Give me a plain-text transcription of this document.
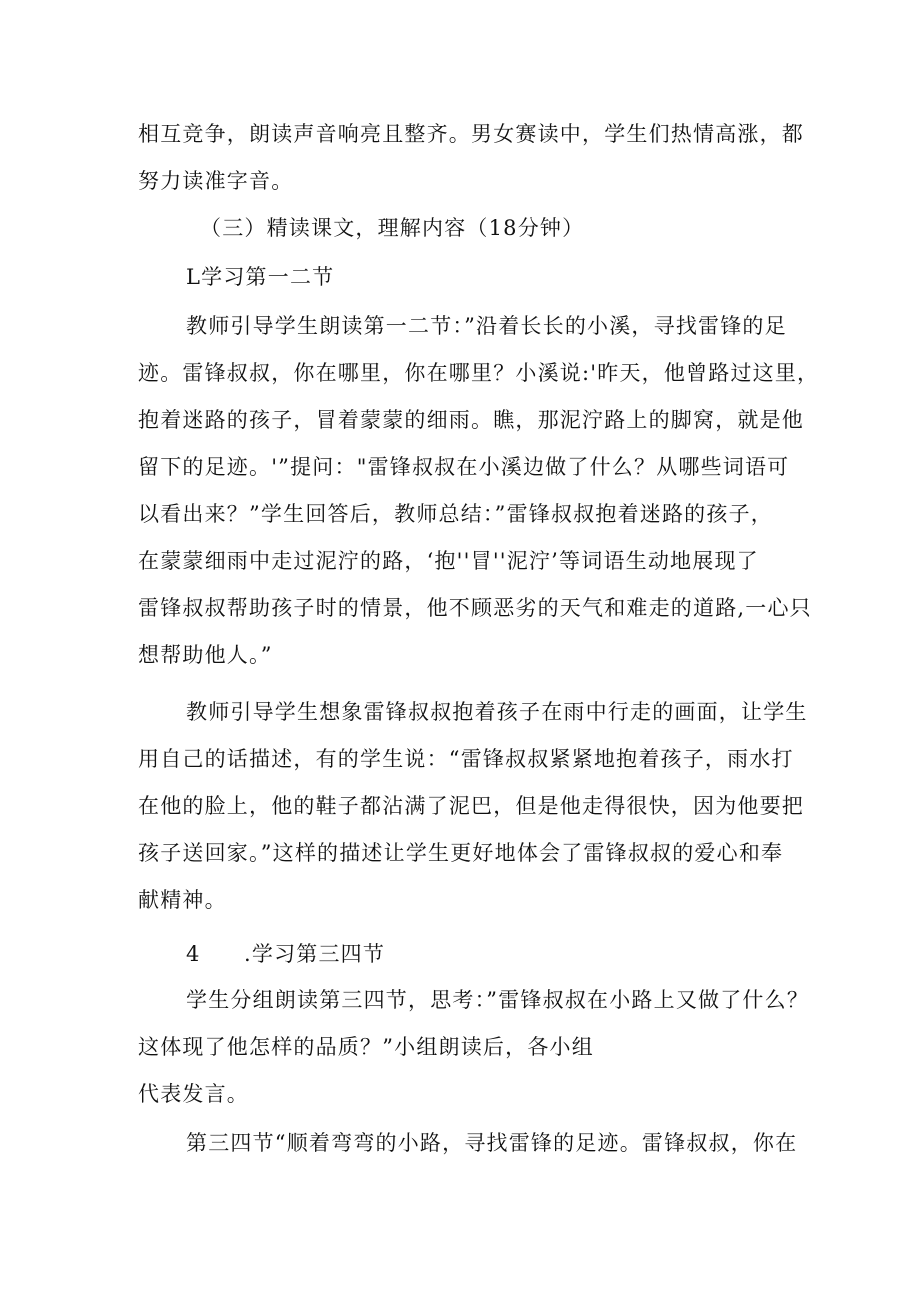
相互竞争，朗读声音响亮且整齐。男女赛读中，学生们热情高涨，都
努力读准字音。
（三）精读课文，理解内容（18分钟）
L学习第一二节
教师引导学生朗读第一二节：”沿着长长的小溪，寻找雷锋的足
迹。雷锋叔叔，你在哪里，你在哪里？小溪说:'昨天，他曾路过这里，
抱着迷路的孩子，冒着蒙蒙的细雨。瞧，那泥泞路上的脚窝，就是他
留下的足迹。'”提问："雷锋叔叔在小溪边做了什么？从哪些词语可
以看出来？”学生回答后，教师总结：”雷锋叔叔抱着迷路的孩子，
在蒙蒙细雨中走过泥泞的路，‘抱''冒''泥泞’等词语生动地展现了
雷锋叔叔帮助孩子时的情景，他不顾恶劣的天气和难走的道路,一心只
想帮助他人。”
教师引导学生想象雷锋叔叔抱着孩子在雨中行走的画面，让学生
用自己的话描述，有的学生说：“雷锋叔叔紧紧地抱着孩子，雨水打
在他的脸上，他的鞋子都沾满了泥巴，但是他走得很快，因为他要把
孩子送回家。”这样的描述让学生更好地体会了雷锋叔叔的爱心和奉
献精神。
4 .学习第三四节
学生分组朗读第三四节，思考：”雷锋叔叔在小路上又做了什么？
这体现了他怎样的品质？”小组朗读后，各小组
代表发言。
第三四节“顺着弯弯的小路，寻找雷锋的足迹。雷锋叔叔，你在
